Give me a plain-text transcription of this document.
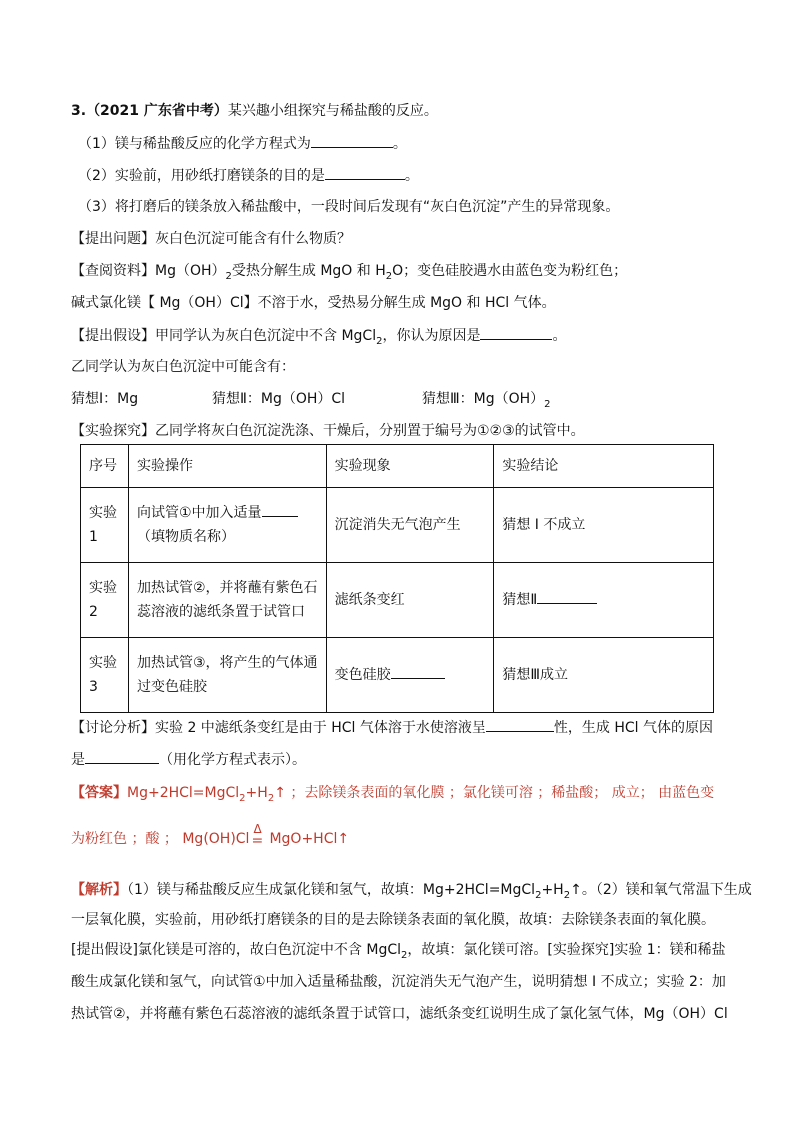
3.（2021 广东省中考）某兴趣小组探究与稀盐酸的反应。
（1）镁与稀盐酸反应的化学方程式为	。
（2）实验前，用砂纸打磨镁条的目的是	。
（3）将打磨后的镁条放入稀盐酸中，一段时间后发现有“灰白色沉淀”产生的异常现象。
【提出问题】灰白色沉淀可能含有什么物质？
【查阅资料】$Mg(OH)_2$受热分解生成 MgO 和 $H_2O$；变色硅胶遇水由蓝色变为粉红色；
碱式氯化镁【 Mg（OH）Cl】不溶于水，受热易分解生成 MgO 和 HCl 气体。
【提出假设】甲同学认为灰白色沉淀中不含 MgCl$_2$，你认为原因是	。
乙同学认为灰白色沉淀中可能含有：
猜想Ⅰ：Mg	猜想Ⅱ：Mg（OH）Cl	猜想Ⅲ：$Mg(OH)_2$
【实验探究】乙同学将灰白色沉淀洗涤、干燥后，分别置于编号为①②③的试管中。
序号	实验操作	实验现象	实验结论
实验
1	向试管①中加入适量
（填物质名称）	沉淀消失无气泡产生	猜想 I 不成立
实验
2	加热试管②，并将蘸有紫色石
蕊溶液的滤纸条置于试管口	滤纸条变红	猜想Ⅱ
实验
3	加热试管③，将产生的气体通
过变色硅胶	变色硅胶	猜想Ⅲ成立
【讨论分析】实验 2 中滤纸条变红是由于 HCl 气体溶于水使溶液呈	性，生成 HCl 气体的原因
是	（用化学方程式表示）。
【答案】$Mg+2HCl=MgCl_2+H_2↑$ ；去除镁条表面的氧化膜 ；氯化镁可溶 ；稀盐酸； 成立； 由蓝色变
为粉红色 ；酸 ； Mg(OH)Cl
Δ
= MgO+HCl↑
【解析】（1）镁与稀盐酸反应生成氯化镁和氢气，故填：$Mg+2HCl=MgCl_2+H_2↑$。（2）镁和氧气常温下生成
一层氧化膜，实验前，用砂纸打磨镁条的目的是去除镁条表面的氧化膜，故填：去除镁条表面的氧化膜。
[提出假设]氯化镁是可溶的，故白色沉淀中不含 MgCl$_2$，故填：氯化镁可溶。[实验探究]实验 1：镁和稀盐
酸生成氯化镁和氢气，向试管①中加入适量稀盐酸，沉淀消失无气泡产生，说明猜想 I 不成立；实验 2：加
热试管②，并将蘸有紫色石蕊溶液的滤纸条置于试管口，滤纸条变红说明生成了氯化氢气体，Mg（OH）Cl
